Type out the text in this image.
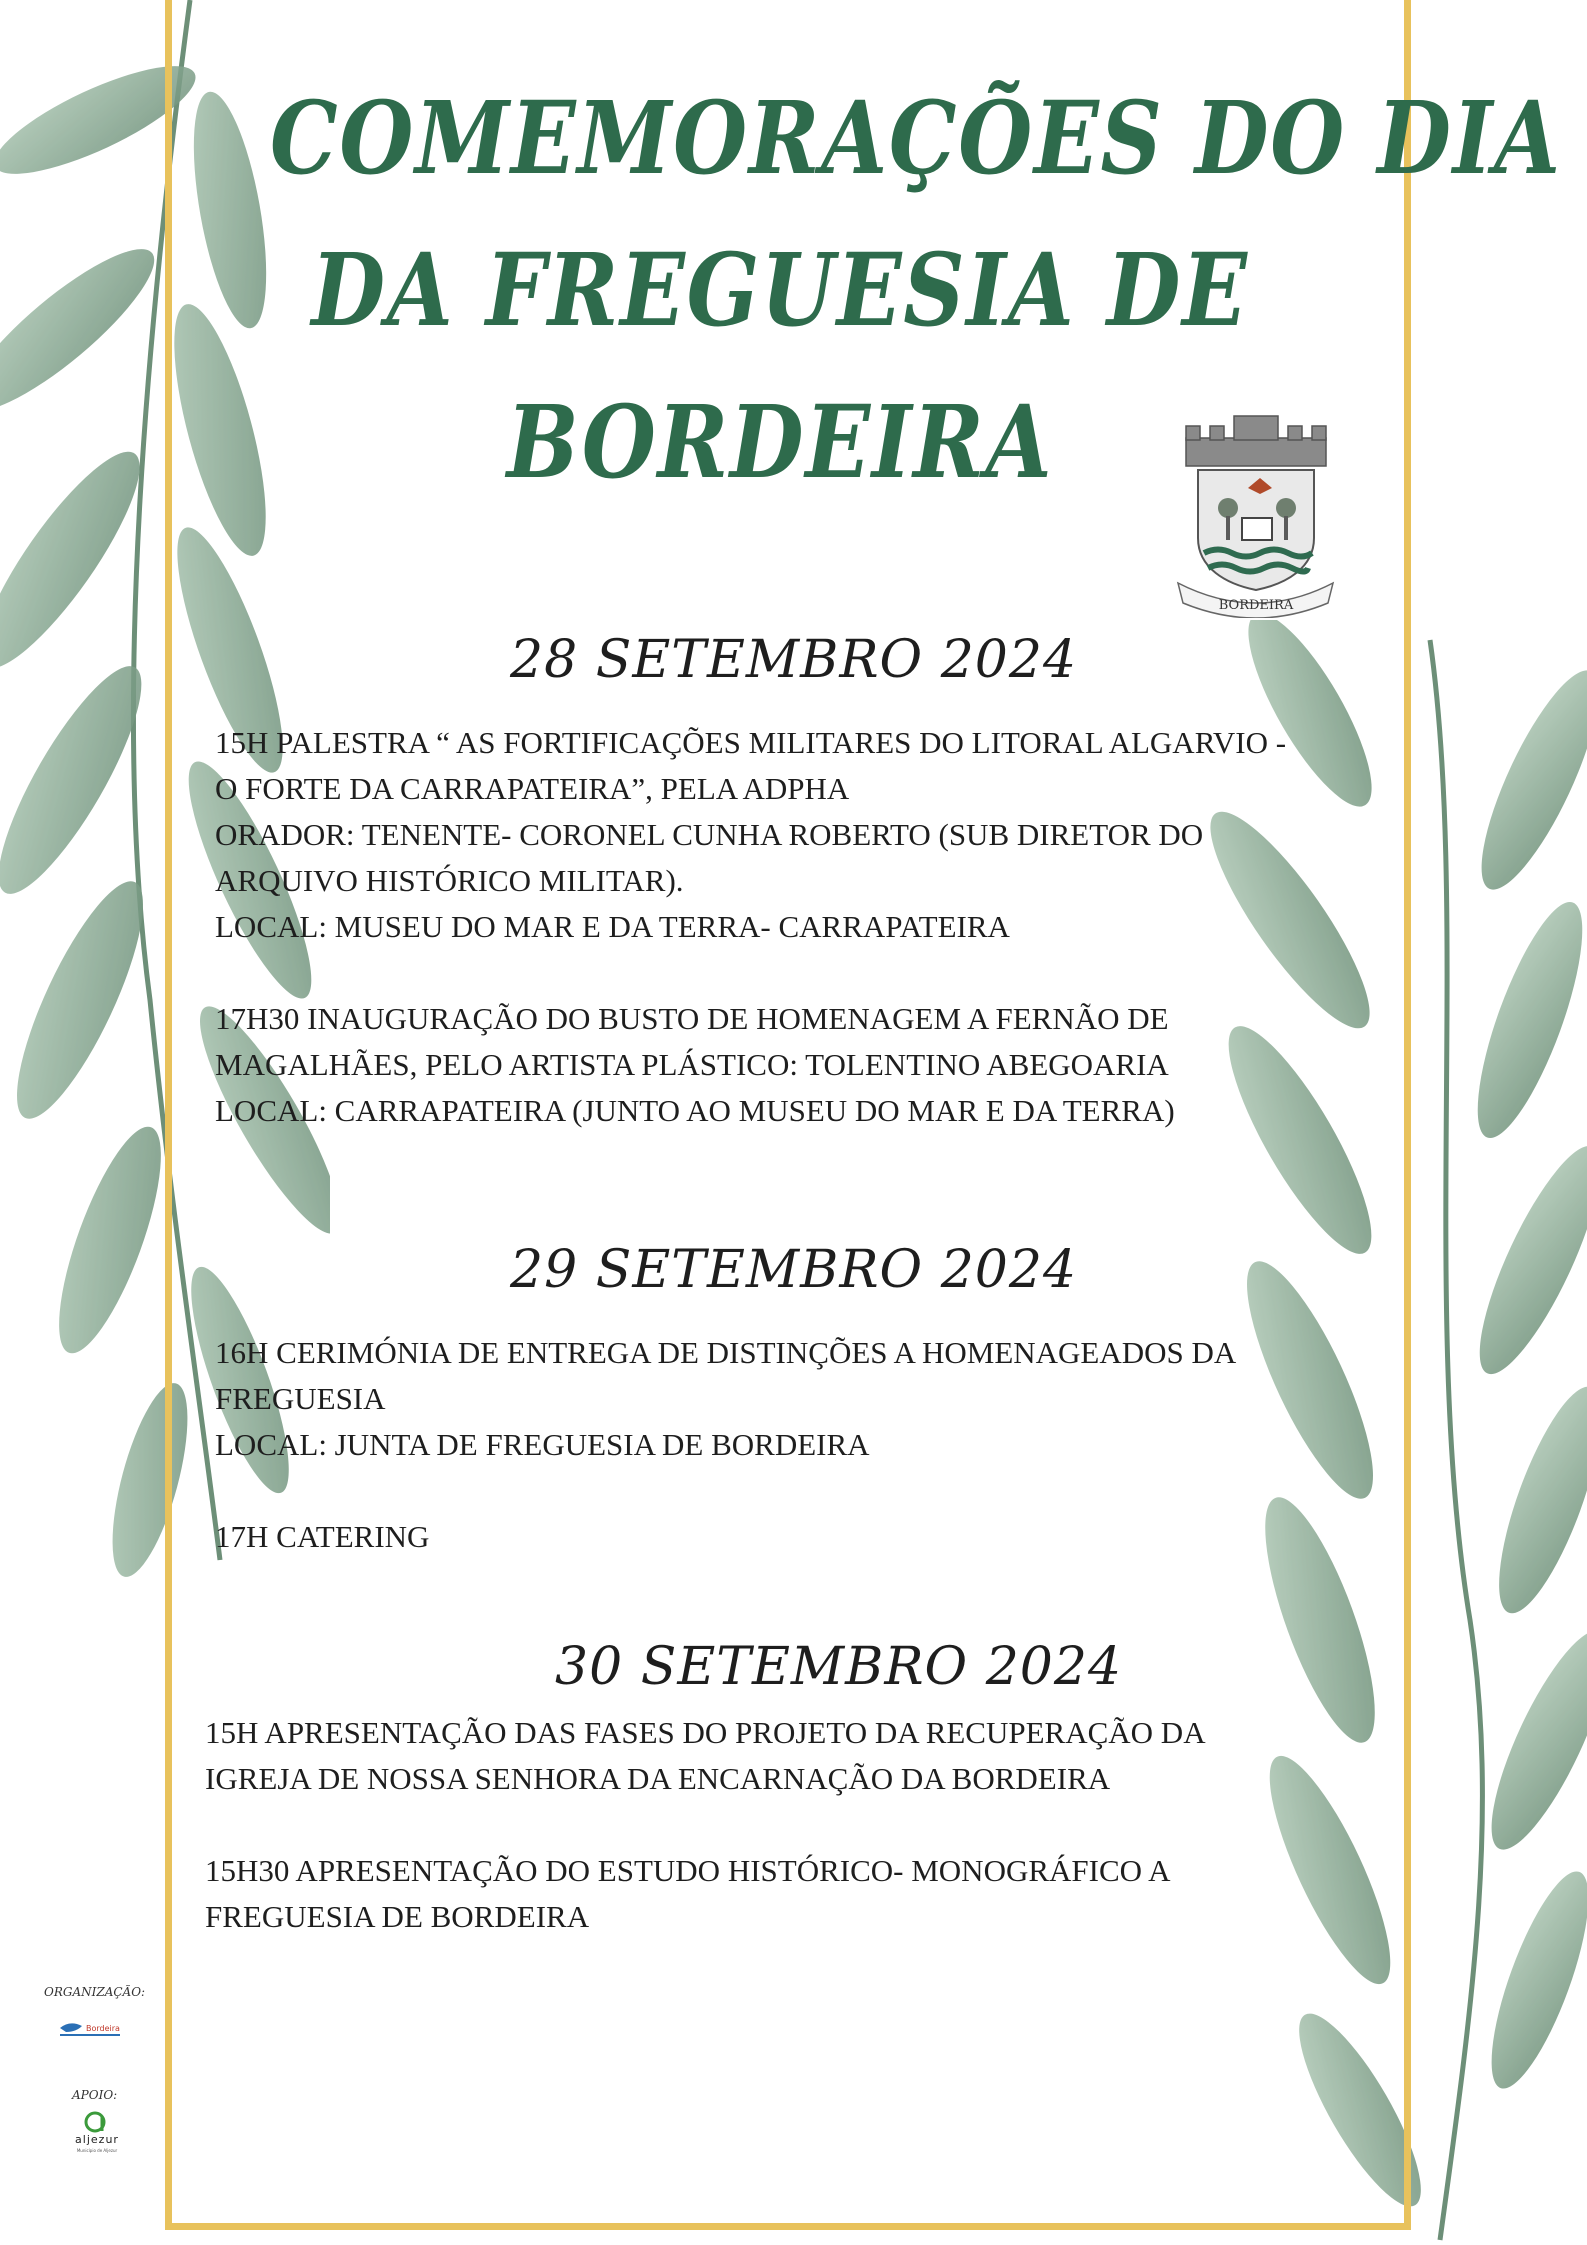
COMEMORAÇÕES DO DIA
DA FREGUESIA DE
BORDEIRA
BORDEIRA
28 SETEMBRO 2024
15H PALESTRA “ AS FORTIFICAÇÕES MILITARES DO LITORAL ALGARVIO -
O FORTE DA CARRAPATEIRA”, PELA ADPHA
ORADOR: TENENTE- CORONEL CUNHA ROBERTO (SUB DIRETOR DO
ARQUIVO HISTÓRICO MILITAR).
LOCAL: MUSEU DO MAR E DA TERRA- CARRAPATEIRA
17H30 INAUGURAÇÃO DO BUSTO DE HOMENAGEM A FERNÃO DE
MAGALHÃES, PELO ARTISTA PLÁSTICO: TOLENTINO ABEGOARIA
LOCAL: CARRAPATEIRA (JUNTO AO MUSEU DO MAR E DA TERRA)
29 SETEMBRO 2024
16H CERIMÓNIA DE ENTREGA DE DISTINÇÕES A HOMENAGEADOS DA
FREGUESIA
LOCAL: JUNTA DE FREGUESIA DE BORDEIRA
17H CATERING
30 SETEMBRO 2024
15H APRESENTAÇÃO DAS FASES DO PROJETO DA RECUPERAÇÃO DA
IGREJA DE NOSSA SENHORA DA ENCARNAÇÃO DA BORDEIRA
15H30 APRESENTAÇÃO DO ESTUDO HISTÓRICO- MONOGRÁFICO A
FREGUESIA DE BORDEIRA
ORGANIZAÇÃO:
Bordeira
APOIO:
aljezur
Município de Aljezur
